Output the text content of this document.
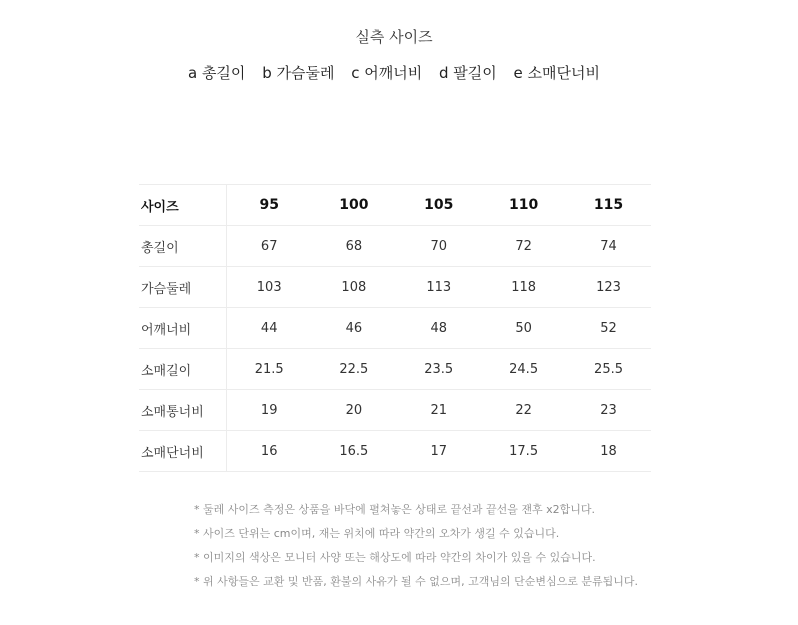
실측 사이즈
a 총길이 b 가슴둘레 c 어깨너비 d 팔길이 e 소매단너비
사이즈	95	100	105	110	115
총길이	67	68	70	72	74
가슴둘레	103	108	113	118	123
어깨너비	44	46	48	50	52
소매길이	21.5	22.5	23.5	24.5	25.5
소매통너비	19	20	21	22	23
소매단너비	16	16.5	17	17.5	18
* 둘레 사이즈 측정은 상품을 바닥에 펼쳐놓은 상태로 끝선과 끝선을 잰후 x2합니다.
* 사이즈 단위는 cm이며, 재는 위치에 따라 약간의 오차가 생길 수 있습니다.
* 이미지의 색상은 모니터 사양 또는 해상도에 따라 약간의 차이가 있을 수 있습니다.
* 위 사항들은 교환 및 반품, 환불의 사유가 될 수 없으며, 고객님의 단순변심으로 분류됩니다.
